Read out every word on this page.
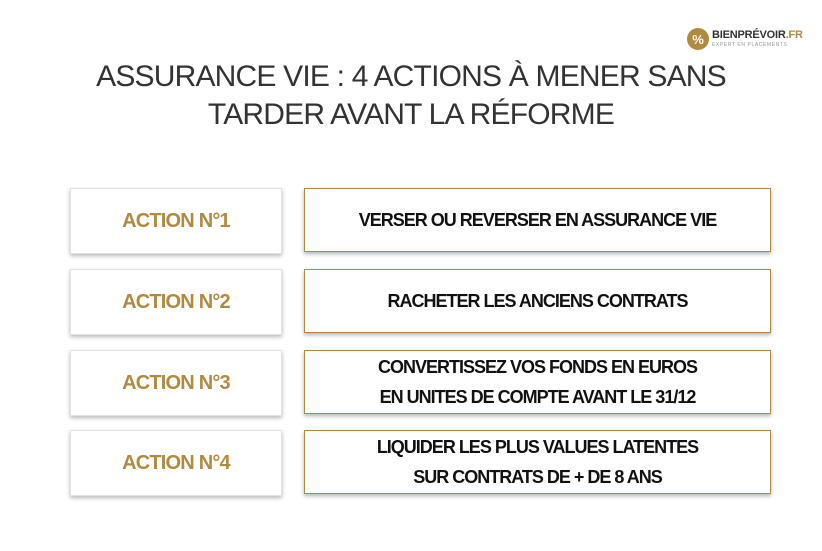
% BIENPRÉVOIR.FR
EXPERT EN PLACEMENTS
ASSURANCE VIE : 4 ACTIONS À MENER SANS
TARDER AVANT LA RÉFORME
ACTION N°1	VERSER OU REVERSER EN ASSURANCE VIE
ACTION N°2	RACHETER LES ANCIENS CONTRATS
ACTION N°3
CONVERTISSEZ VOS FONDS EN EUROS
EN UNITES DE COMPTE AVANT LE 31/12
ACTION N°4
LIQUIDER LES PLUS VALUES LATENTES
SUR CONTRATS DE + DE 8 ANS
